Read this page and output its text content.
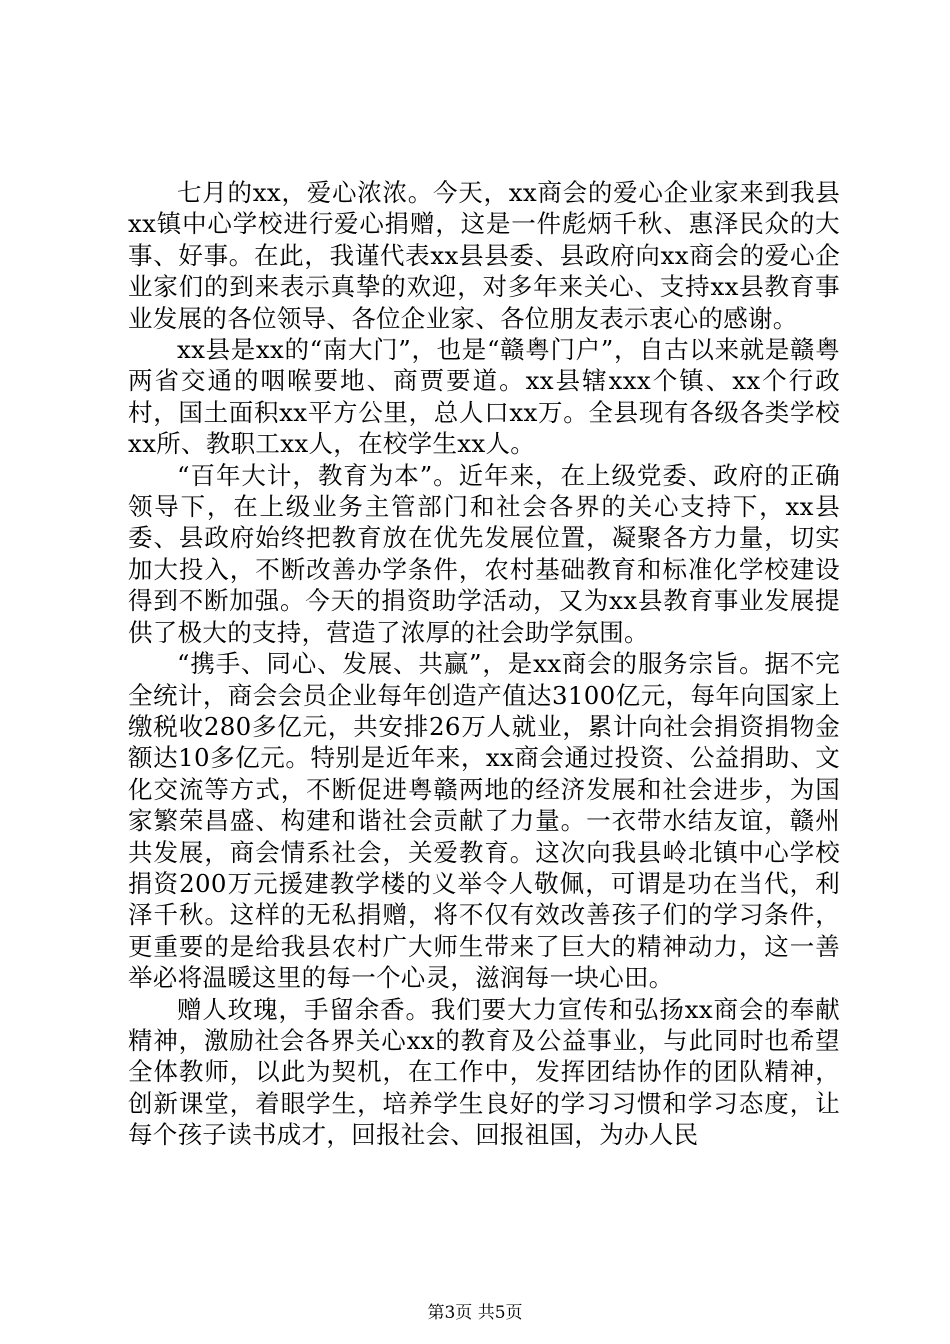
七月的xx，爱心浓浓。今天，xx商会的爱心企业家来到我县xx镇中心学校进行爱心捐赠，这是一件彪炳千秋、惠泽民众的大事、好事。在此，我谨代表xx县县委、县政府向xx商会的爱心企业家们的到来表示真挚的欢迎，对多年来关心、支持xx县教育事业发展的各位领导、各位企业家、各位朋友表示衷心的感谢。

xx县是xx的“南大门”，也是“赣粤门户”，自古以来就是赣粤两省交通的咽喉要地、商贾要道。xx县辖xxx个镇、xx个行政村，国土面积xx平方公里，总人口xx万。全县现有各级各类学校xx所、教职工xx人，在校学生xx人。

“百年大计，教育为本”。近年来，在上级党委、政府的正确领导下，在上级业务主管部门和社会各界的关心支持下，xx县委、县政府始终把教育放在优先发展位置，凝聚各方力量，切实加大投入，不断改善办学条件，农村基础教育和标准化学校建设得到不断加强。今天的捐资助学活动，又为xx县教育事业发展提供了极大的支持，营造了浓厚的社会助学氛围。

“携手、同心、发展、共赢”，是xx商会的服务宗旨。据不完全统计，商会会员企业每年创造产值达3100亿元，每年向国家上缴税收280多亿元，共安排26万人就业，累计向社会捐资捐物金额达10多亿元。特别是近年来，xx商会通过投资、公益捐助、文化交流等方式，不断促进粤赣两地的经济发展和社会进步，为国家繁荣昌盛、构建和谐社会贡献了力量。一衣带水结友谊，赣州共发展，商会情系社会，关爱教育。这次向我县岭北镇中心学校捐资200万元援建教学楼的义举令人敬佩，可谓是功在当代，利泽千秋。这样的无私捐赠，将不仅有效改善孩子们的学习条件，更重要的是给我县农村广大师生带来了巨大的精神动力，这一善举必将温暖这里的每一个心灵，滋润每一块心田。

赠人玫瑰，手留余香。我们要大力宣传和弘扬xx商会的奉献精神，激励社会各界关心xx的教育及公益事业，与此同时也希望全体教师，以此为契机，在工作中，发挥团结协作的团队精神，创新课堂，着眼学生，培养学生良好的学习习惯和学习态度，让每个孩子读书成才，回报社会、回报祖国，为办人民

第3页 共5页
